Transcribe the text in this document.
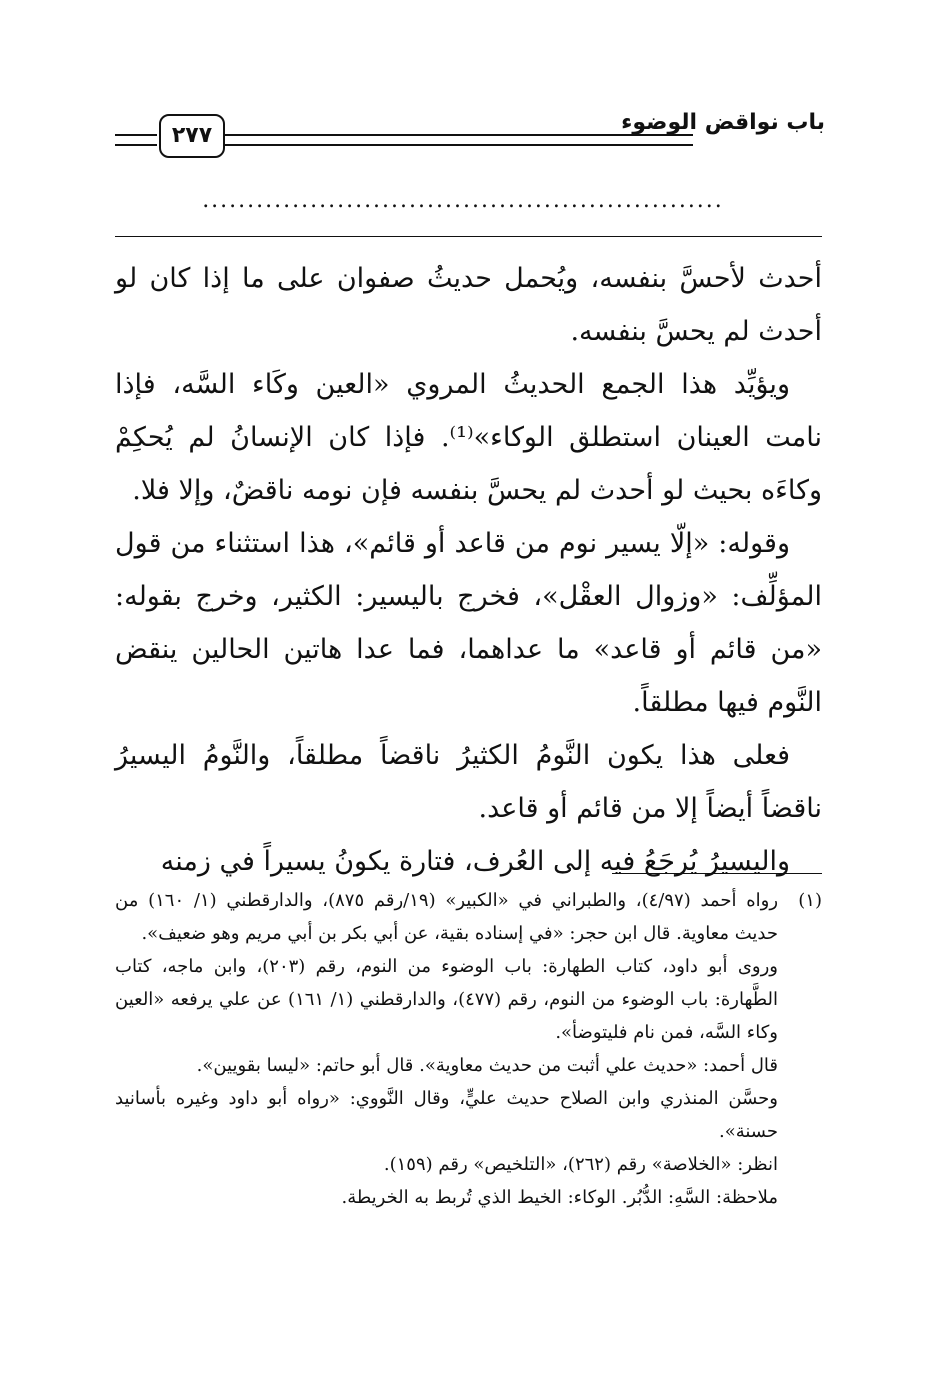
باب نواقض الوضوء
٢٧٧
..........................................................

أحدث لأحسَّ بنفسه، ويُحمل حديثُ صفوان على ما إذا كان لو أحدث لم يحسَّ بنفسه.

ويؤيِّد هذا الجمع الحديثُ المروي «العين وكَاء السَّه، فإذا نامت العينان استطلق الوكاء»⁽¹⁾. فإذا كان الإنسانُ لم يُحكِمْ وكاءَه بحيث لو أحدث لم يحسَّ بنفسه فإن نومه ناقضٌ، وإلا فلا.

وقوله: «إلّا يسير نوم من قاعد أو قائم»، هذا استثناء من قول المؤلِّف: «وزوال العقْل»، فخرج باليسير: الكثير، وخرج بقوله: «من قائم أو قاعد» ما عداهما، فما عدا هاتين الحالين ينقض النَّوم فيها مطلقاً.

فعلى هذا يكون النَّومُ الكثيرُ ناقضاً مطلقاً، والنَّومُ اليسيرُ ناقضاً أيضاً إلا من قائم أو قاعد.

واليسيرُ يُرجَعُ فيه إلى العُرف، فتارة يكونُ يسيراً في زمنه

(١)

رواه أحمد (٤/٩٧)، والطبراني في «الكبير» (١٩/رقم ٨٧٥)، والدارقطني (١/ ١٦٠) من حديث معاوية. قال ابن حجر: «في إسناده بقية، عن أبي بكر بن أبي مريم وهو ضعيف».

وروى أبو داود، كتاب الطهارة: باب الوضوء من النوم، رقم (٢٠٣)، وابن ماجه، كتاب الطَّهارة: باب الوضوء من النوم، رقم (٤٧٧)، والدارقطني (١/ ١٦١) عن علي يرفعه «العين وكاء السَّه، فمن نام فليتوضأ».

قال أحمد: «حديث علي أثبت من حديث معاوية». قال أبو حاتم: «ليسا بقويين».

وحسَّن المنذري وابن الصلاح حديث عليٍّ، وقال النَّووي: «رواه أبو داود وغيره بأسانيد حسنة».

انظر: «الخلاصة» رقم (٢٦٢)، «التلخيص» رقم (١٥٩).

ملاحظة: السَّهِ: الدُّبُر. الوكاء: الخيط الذي تُربط به الخريطة.
